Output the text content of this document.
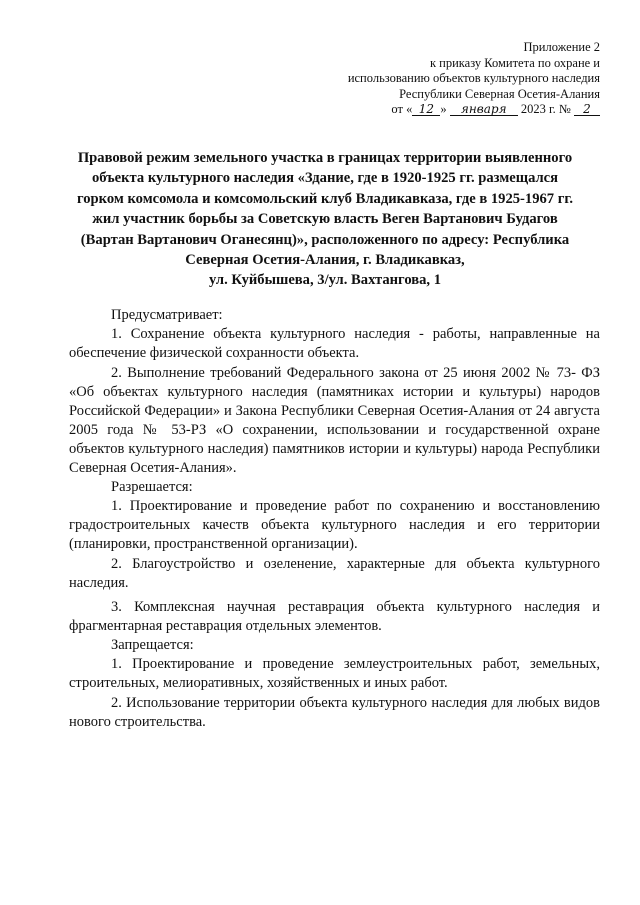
Приложение 2
к приказу Комитета по охране и
использованию объектов культурного наследия
Республики Северная Осетия-Алания
от « 12 » января 2023 г. № 2
Правовой режим земельного участка в границах территории выявленного
объекта культурного наследия «Здание, где в 1920-1925 гг. размещался
горком комсомола и комсомольский клуб Владикавказа, где в 1925-1967 гг.
жил участник борьбы за Советскую власть Веген Вартанович Будагов
(Вартан Вартанович Оганесянц)», расположенного по адресу: Республика
Северная Осетия-Алания, г. Владикавказ,
ул. Куйбышева, 3/ул. Вахтангова, 1

Предусматривает:

1. Сохранение объекта культурного наследия - работы, направленные на обеспечение физической сохранности объекта.

2. Выполнение требований Федерального закона от 25 июня 2002 № 73- ФЗ «Об объектах культурного наследия (памятниках истории и культуры) народов Российской Федерации» и Закона Республики Северная Осетия-Алания от 24 августа 2005 года № 53-РЗ «О сохранении, использовании и государственной охране объектов культурного наследия) памятников истории и культуры) народа Республики Северная Осетия-Алания».

Разрешается:

1. Проектирование и проведение работ по сохранению и восстановлению градостроительных качеств объекта культурного наследия и его территории (планировки, пространственной организации).

2. Благоустройство и озеленение, характерные для объекта культурного наследия.

3. Комплексная научная реставрация объекта культурного наследия и фрагментарная реставрация отдельных элементов.

Запрещается:

1. Проектирование и проведение землеустроительных работ, земельных, строительных, мелиоративных, хозяйственных и иных работ.

2. Использование территории объекта культурного наследия для любых видов нового строительства.
